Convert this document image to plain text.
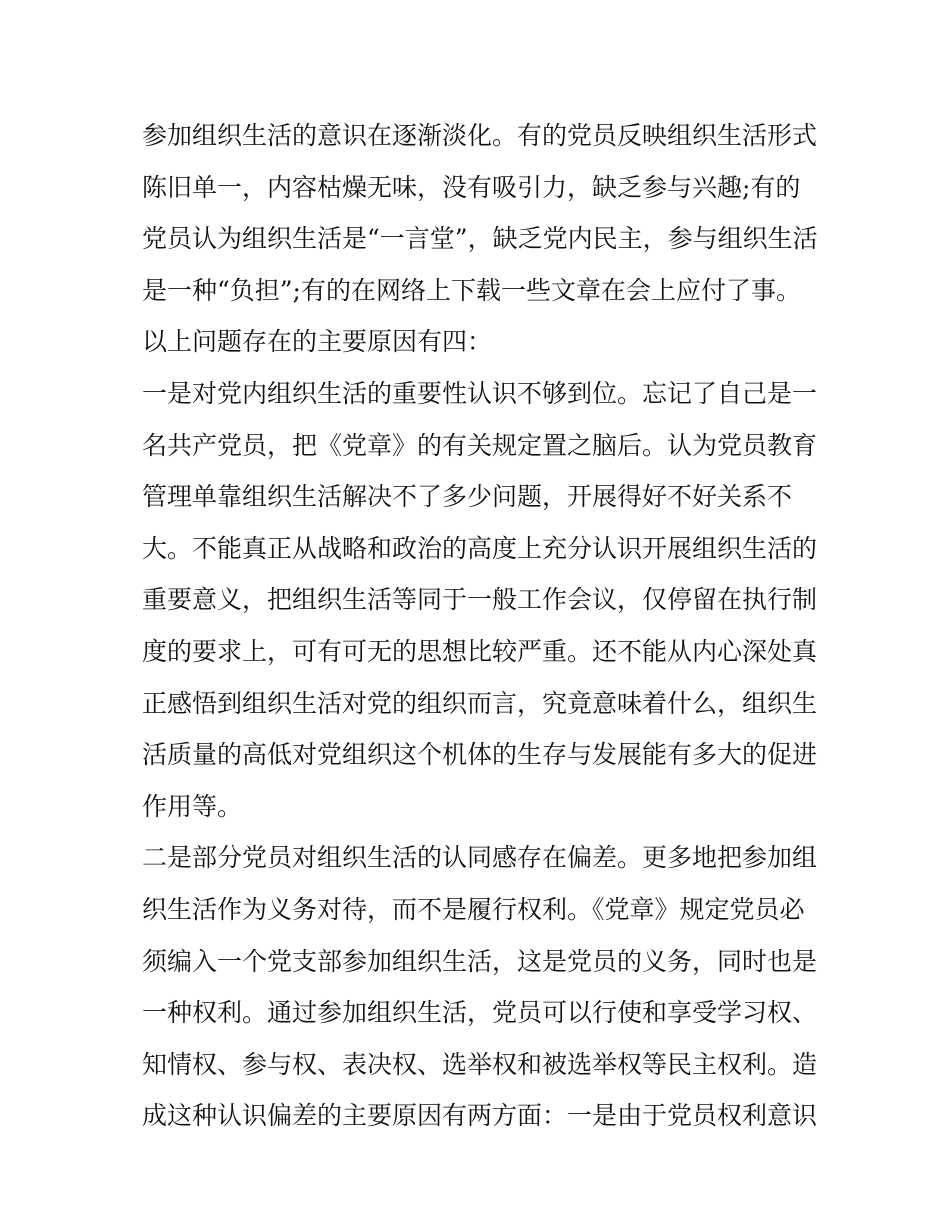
参加组织生活的意识在逐渐淡化。有的党员反映组织生活形式

陈旧单一，内容枯燥无味，没有吸引力，缺乏参与兴趣;有的

党员认为组织生活是“一言堂”，缺乏党内民主，参与组织生活

是一种“负担”;有的在网络上下载一些文章在会上应付了事。

以上问题存在的主要原因有四：

一是对党内组织生活的重要性认识不够到位。忘记了自己是一

名共产党员，把《党章》的有关规定置之脑后。认为党员教育

管理单靠组织生活解决不了多少问题，开展得好不好关系不

大。不能真正从战略和政治的高度上充分认识开展组织生活的

重要意义，把组织生活等同于一般工作会议，仅停留在执行制

度的要求上，可有可无的思想比较严重。还不能从内心深处真

正感悟到组织生活对党的组织而言，究竟意味着什么，组织生

活质量的高低对党组织这个机体的生存与发展能有多大的促进

作用等。

二是部分党员对组织生活的认同感存在偏差。更多地把参加组

织生活作为义务对待，而不是履行权利。《党章》规定党员必

须编入一个党支部参加组织生活，这是党员的义务，同时也是

一种权利。通过参加组织生活，党员可以行使和享受学习权、

知情权、参与权、表决权、选举权和被选举权等民主权利。造

成这种认识偏差的主要原因有两方面：一是由于党员权利意识
